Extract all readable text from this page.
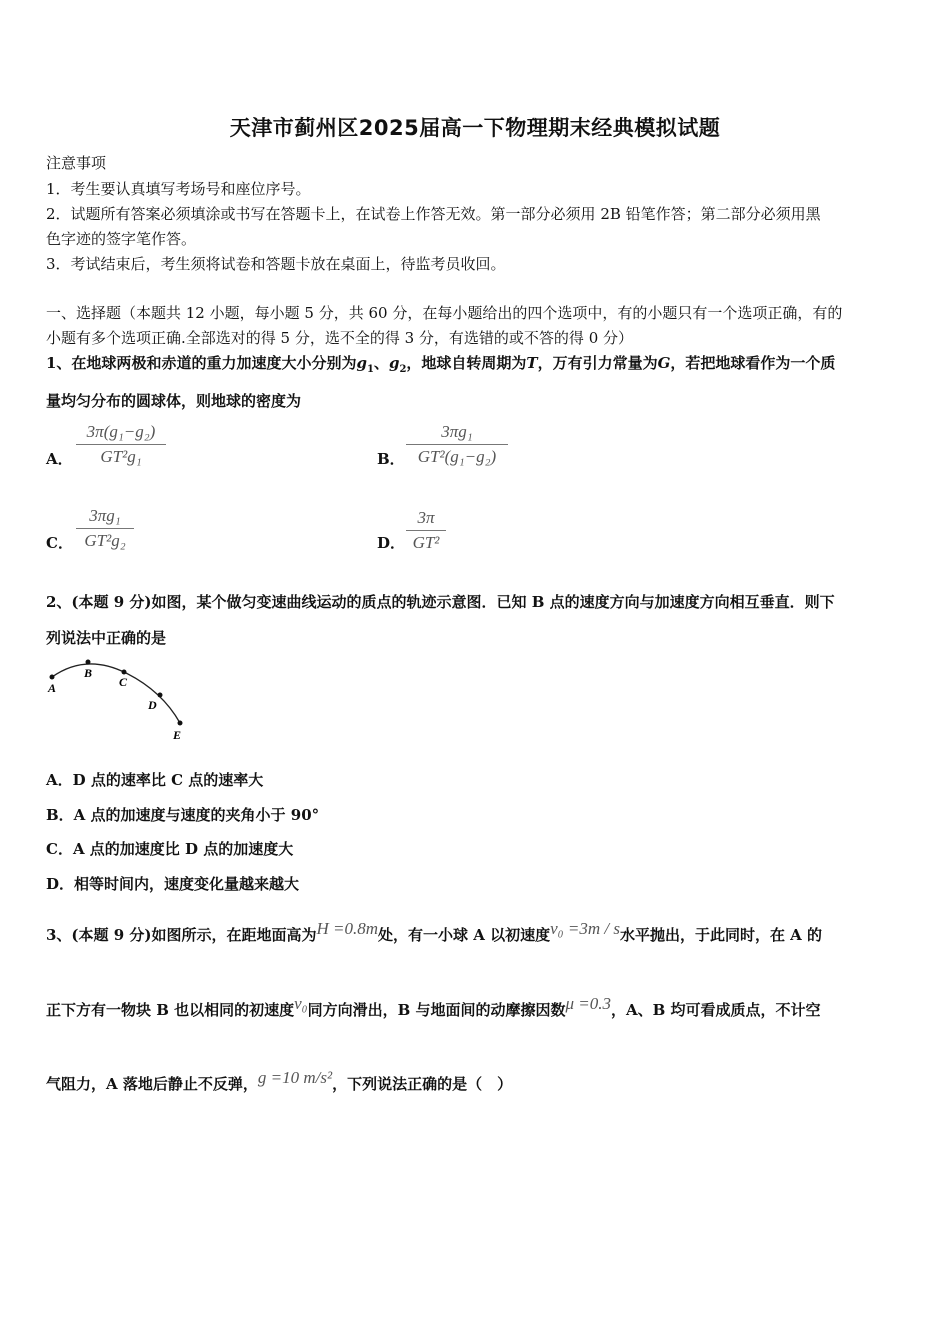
天津市蓟州区2025届高一下物理期末经典模拟试题
注意事项
1．考生要认真填写考场号和座位序号。
2．试题所有答案必须填涂或书写在答题卡上，在试卷上作答无效。第一部分必须用 2B 铅笔作答；第二部分必须用黑
色字迹的签字笔作答。
3．考试结束后，考生须将试卷和答题卡放在桌面上，待监考员收回。
一、选择题（本题共 12 小题，每小题 5 分，共 60 分，在每小题给出的四个选项中，有的小题只有一个选项正确，有的
小题有多个选项正确.全部选对的得 5 分，选不全的得 3 分，有选错的或不答的得 0 分）
1、在地球两极和赤道的重力加速度大小分别为$g_1$、$g_2$，地球自转周期为T，万有引力常量为G，若把地球看作为一个质
量均匀分布的圆球体，则地球的密度为
A． $\frac{\text{3π(g₁−g₂)}}{\text{GT²g₁}}$	B． $\frac{\text{3πg₁}}{\text{GT²(g₁−g₂)}}$
C． $\frac{\text{3πg₁}}{\text{GT²g₂}}$	D． $\frac{3\pi}{\text{GT²}}$
2、(本题 9 分)如图，某个做匀变速曲线运动的质点的轨迹示意图．已知 B 点的速度方向与加速度方向相互垂直．则下
列说法中正确的是
A
B
C
D
E
A．D 点的速率比 C 点的速率大
B．A 点的加速度与速度的夹角小于 90°
C．A 点的加速度比 D 点的加速度大
D．相等时间内，速度变化量越来越大
3、(本题 9 分)如图所示，在距地面高为H =0.8m处，有一小球 A 以初速度v₀ =3m / s水平抛出，于此同时，在 A 的
正下方有一物块 B 也以相同的初速度v₀同方向滑出，B 与地面间的动摩擦因数μ =0.3，A、B 均可看成质点，不计空
气阻力，A 落地后静止不反弹，g =10 m/s²，下列说法正确的是（　）
